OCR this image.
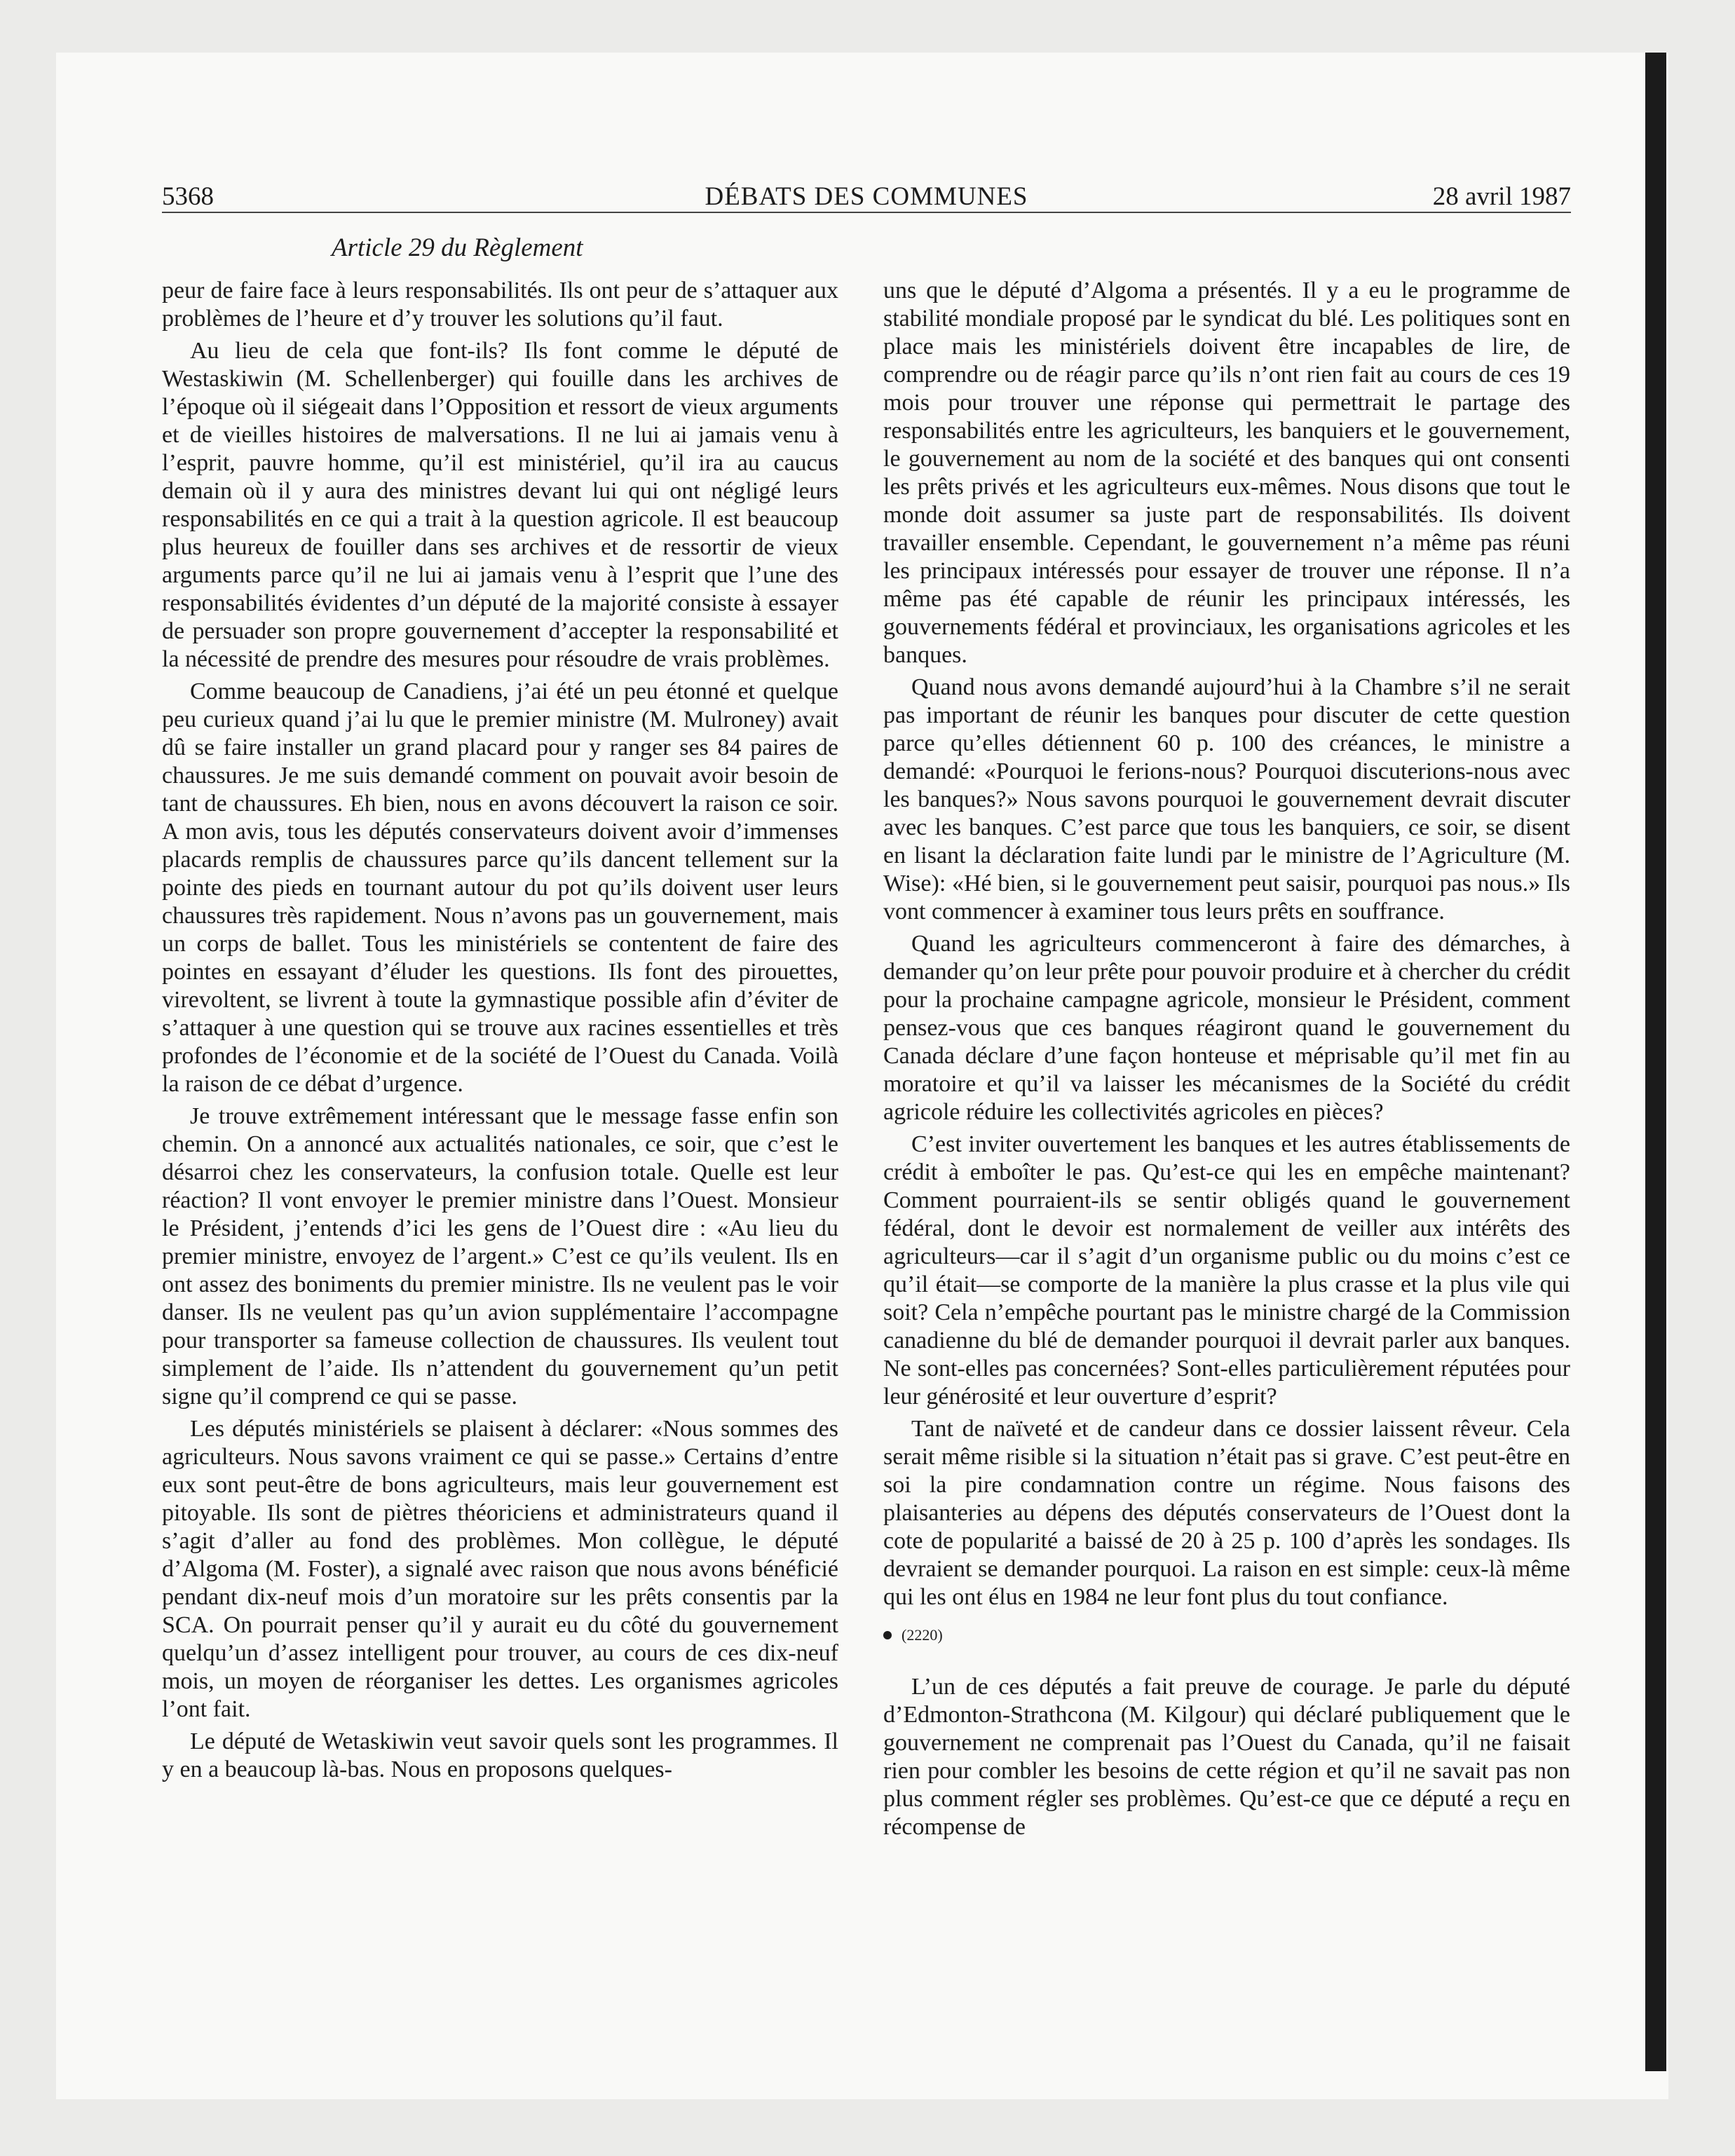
5368	DÉBATS DES COMMUNES	28 avril 1987
Article 29 du Règlement

peur de faire face à leurs responsabilités. Ils ont peur de s’attaquer aux problèmes de l’heure et d’y trouver les solutions qu’il faut.

Au lieu de cela que font-ils? Ils font comme le député de Westaskiwin (M. Schellenberger) qui fouille dans les archives de l’époque où il siégeait dans l’Opposition et ressort de vieux arguments et de vieilles histoires de malversations. Il ne lui ai jamais venu à l’esprit, pauvre homme, qu’il est ministériel, qu’il ira au caucus demain où il y aura des ministres devant lui qui ont négligé leurs responsabilités en ce qui a trait à la question agricole. Il est beaucoup plus heureux de fouiller dans ses archives et de ressortir de vieux arguments parce qu’il ne lui ai jamais venu à l’esprit que l’une des responsabilités évidentes d’un député de la majorité consiste à essayer de persuader son propre gouvernement d’accepter la responsabilité et la nécessité de prendre des mesures pour résoudre de vrais problèmes.

Comme beaucoup de Canadiens, j’ai été un peu étonné et quelque peu curieux quand j’ai lu que le premier ministre (M. Mulroney) avait dû se faire installer un grand placard pour y ranger ses 84 paires de chaussures. Je me suis demandé comment on pouvait avoir besoin de tant de chaussures. Eh bien, nous en avons découvert la raison ce soir. A mon avis, tous les députés conservateurs doivent avoir d’immenses placards remplis de chaussures parce qu’ils dancent tellement sur la pointe des pieds en tournant autour du pot qu’ils doivent user leurs chaussures très rapidement. Nous n’avons pas un gouvernement, mais un corps de ballet. Tous les ministériels se contentent de faire des pointes en essayant d’éluder les questions. Ils font des pirouettes, virevoltent, se livrent à toute la gymnastique possible afin d’éviter de s’attaquer à une question qui se trouve aux racines essentielles et très profondes de l’économie et de la société de l’Ouest du Canada. Voilà la raison de ce débat d’urgence.

Je trouve extrêmement intéressant que le message fasse enfin son chemin. On a annoncé aux actualités nationales, ce soir, que c’est le désarroi chez les conservateurs, la confusion totale. Quelle est leur réaction? Il vont envoyer le premier ministre dans l’Ouest. Monsieur le Président, j’entends d’ici les gens de l’Ouest dire : «Au lieu du premier ministre, envoyez de l’argent.» C’est ce qu’ils veulent. Ils en ont assez des boniments du premier ministre. Ils ne veulent pas le voir danser. Ils ne veulent pas qu’un avion supplémentaire l’accompagne pour transporter sa fameuse collection de chaussures. Ils veulent tout simplement de l’aide. Ils n’attendent du gouvernement qu’un petit signe qu’il comprend ce qui se passe.

Les députés ministériels se plaisent à déclarer: «Nous sommes des agriculteurs. Nous savons vraiment ce qui se passe.» Certains d’entre eux sont peut-être de bons agriculteurs, mais leur gouvernement est pitoyable. Ils sont de piètres théoriciens et administrateurs quand il s’agit d’aller au fond des problèmes. Mon collègue, le député d’Algoma (M. Foster), a signalé avec raison que nous avons bénéficié pendant dix-neuf mois d’un moratoire sur les prêts consentis par la SCA. On pourrait penser qu’il y aurait eu du côté du gouvernement quelqu’un d’assez intelligent pour trouver, au cours de ces dix-neuf mois, un moyen de réorganiser les dettes. Les organismes agricoles l’ont fait.

Le député de Wetaskiwin veut savoir quels sont les programmes. Il y en a beaucoup là-bas. Nous en proposons quelques-

uns que le député d’Algoma a présentés. Il y a eu le programme de stabilité mondiale proposé par le syndicat du blé. Les politiques sont en place mais les ministériels doivent être incapables de lire, de comprendre ou de réagir parce qu’ils n’ont rien fait au cours de ces 19 mois pour trouver une réponse qui permettrait le partage des responsabilités entre les agriculteurs, les banquiers et le gouvernement, le gouvernement au nom de la société et des banques qui ont consenti les prêts privés et les agriculteurs eux-mêmes. Nous disons que tout le monde doit assumer sa juste part de responsabilités. Ils doivent travailler ensemble. Cependant, le gouvernement n’a même pas réuni les principaux intéressés pour essayer de trouver une réponse. Il n’a même pas été capable de réunir les principaux intéressés, les gouvernements fédéral et provinciaux, les organisations agricoles et les banques.

Quand nous avons demandé aujourd’hui à la Chambre s’il ne serait pas important de réunir les banques pour discuter de cette question parce qu’elles détiennent 60 p. 100 des créances, le ministre a demandé: «Pourquoi le ferions-nous? Pourquoi discuterions-nous avec les banques?» Nous savons pourquoi le gouvernement devrait discuter avec les banques. C’est parce que tous les banquiers, ce soir, se disent en lisant la déclaration faite lundi par le ministre de l’Agriculture (M. Wise): «Hé bien, si le gouvernement peut saisir, pourquoi pas nous.» Ils vont commencer à examiner tous leurs prêts en souffrance.

Quand les agriculteurs commenceront à faire des démarches, à demander qu’on leur prête pour pouvoir produire et à chercher du crédit pour la prochaine campagne agricole, monsieur le Président, comment pensez-vous que ces banques réagiront quand le gouvernement du Canada déclare d’une façon honteuse et méprisable qu’il met fin au moratoire et qu’il va laisser les mécanismes de la Société du crédit agricole réduire les collectivités agricoles en pièces?

C’est inviter ouvertement les banques et les autres établissements de crédit à emboîter le pas. Qu’est-ce qui les en empêche maintenant? Comment pourraient-ils se sentir obligés quand le gouvernement fédéral, dont le devoir est normalement de veiller aux intérêts des agriculteurs—car il s’agit d’un organisme public ou du moins c’est ce qu’il était—se comporte de la manière la plus crasse et la plus vile qui soit? Cela n’empêche pourtant pas le ministre chargé de la Commission canadienne du blé de demander pourquoi il devrait parler aux banques. Ne sont-elles pas concernées? Sont-elles particulièrement réputées pour leur générosité et leur ouverture d’esprit?

Tant de naïveté et de candeur dans ce dossier laissent rêveur. Cela serait même risible si la situation n’était pas si grave. C’est peut-être en soi la pire condamnation contre un régime. Nous faisons des plaisanteries au dépens des députés conservateurs de l’Ouest dont la cote de popularité a baissé de 20 à 25 p. 100 d’après les sondages. Ils devraient se demander pourquoi. La raison en est simple: ceux-là même qui les ont élus en 1984 ne leur font plus du tout confiance.

(2220)

L’un de ces députés a fait preuve de courage. Je parle du député d’Edmonton-Strathcona (M. Kilgour) qui déclaré publiquement que le gouvernement ne comprenait pas l’Ouest du Canada, qu’il ne faisait rien pour combler les besoins de cette région et qu’il ne savait pas non plus comment régler ses problèmes. Qu’est-ce que ce député a reçu en récompense de
